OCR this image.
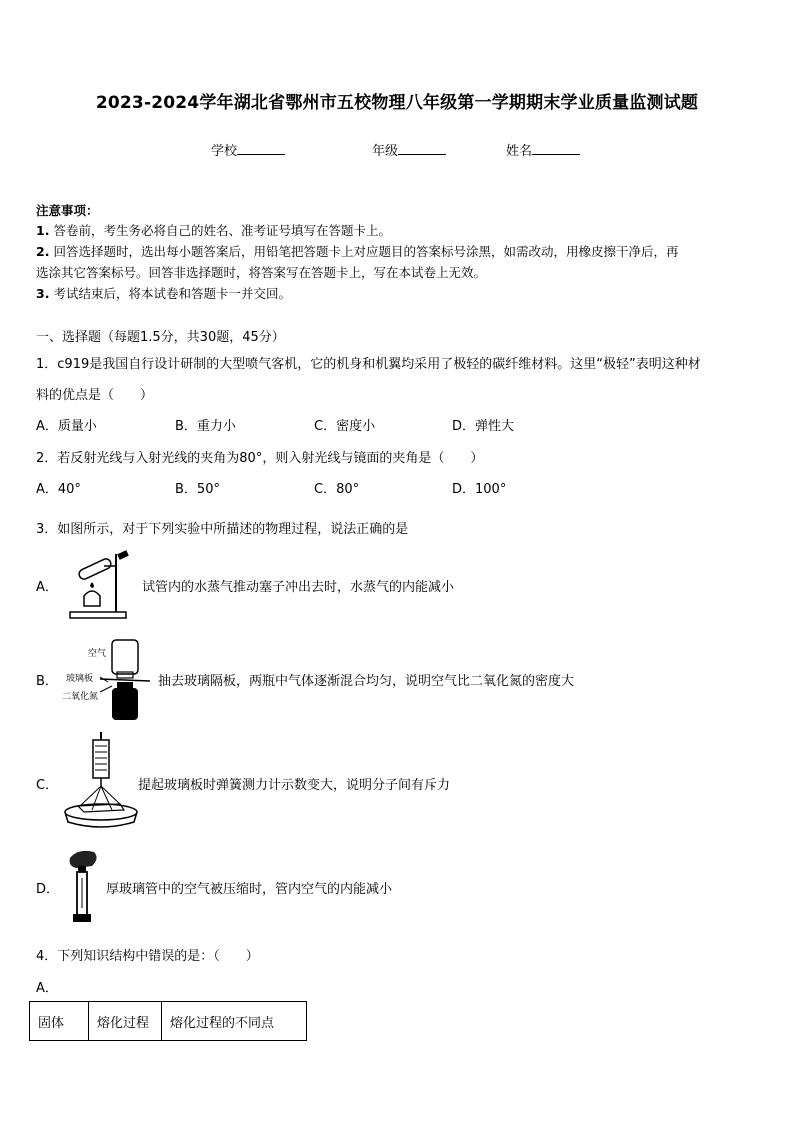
2023-2024学年湖北省鄂州市五校物理八年级第一学期期末学业质量监测试题
学校	年级	姓名
注意事项：
1. 答卷前，考生务必将自己的姓名、准考证号填写在答题卡上。
2. 回答选择题时，选出每小题答案后，用铅笔把答题卡上对应题目的答案标号涂黑，如需改动，用橡皮擦干净后，再
选涂其它答案标号。回答非选择题时，将答案写在答题卡上，写在本试卷上无效。
3. 考试结束后，将本试卷和答题卡一并交回。
一、选择题（每题1.5分，共30题，45分）
1．c919是我国自行设计研制的大型喷气客机，它的机身和机翼均采用了极轻的碳纤维材料。这里“极轻”表明这种材
料的优点是（　　）
A．质量小	B．重力小	C．密度小	D．弹性大
2．若反射光线与入射光线的夹角为80°，则入射光线与镜面的夹角是（　　）
A．40°	B．50°	C．80°	D．100°
3．如图所示，对于下列实验中所描述的物理过程，说法正确的是
A．	试管内的水蒸气推动塞子冲出去时，水蒸气的内能减小
B．
空气
玻璃板
二氧化氮
抽去玻璃隔板，两瓶中气体逐渐混合均匀，说明空气比二氧化氮的密度大
C．	提起玻璃板时弹簧测力计示数变大，说明分子间有斥力
D．	厚玻璃管中的空气被压缩时，管内空气的内能减小
4．下列知识结构中错误的是：（　　）
A．
固体	熔化过程	熔化过程的不同点
